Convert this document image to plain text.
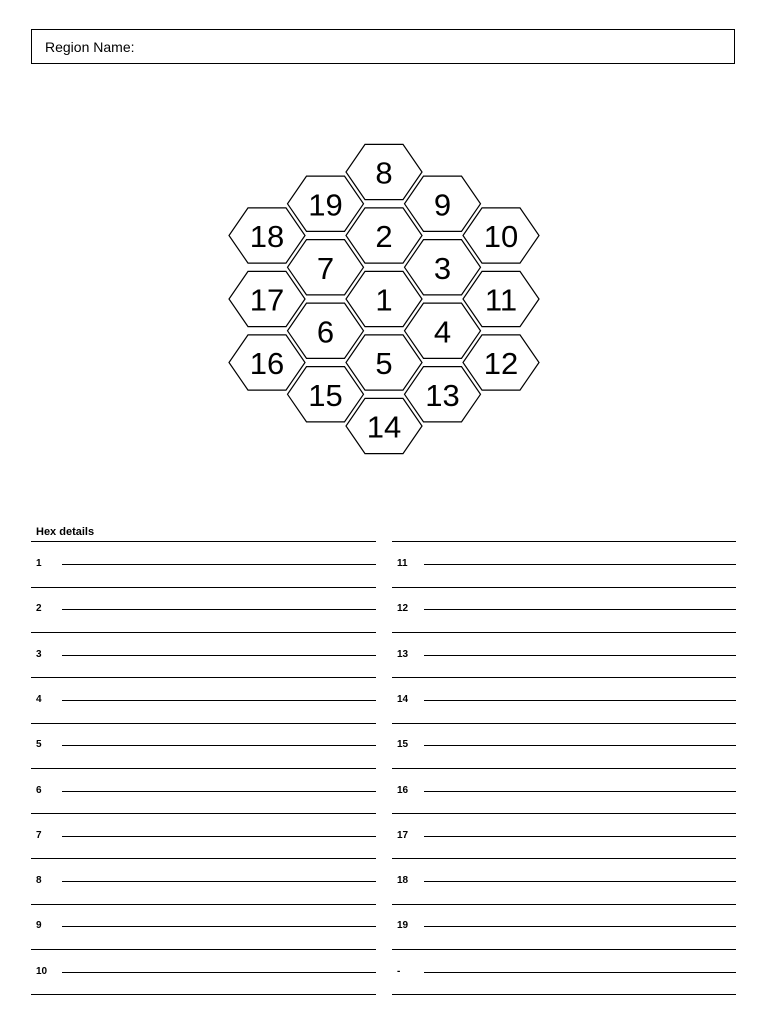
Region Name:
1
2
3
4
5
6
7
8
9
10
11
12
13
14
15
16
17
18
19
Hex details
1
2
3
4
5
6
7
8
9
10
11
12
13
14
15
16
17
18
19
-
